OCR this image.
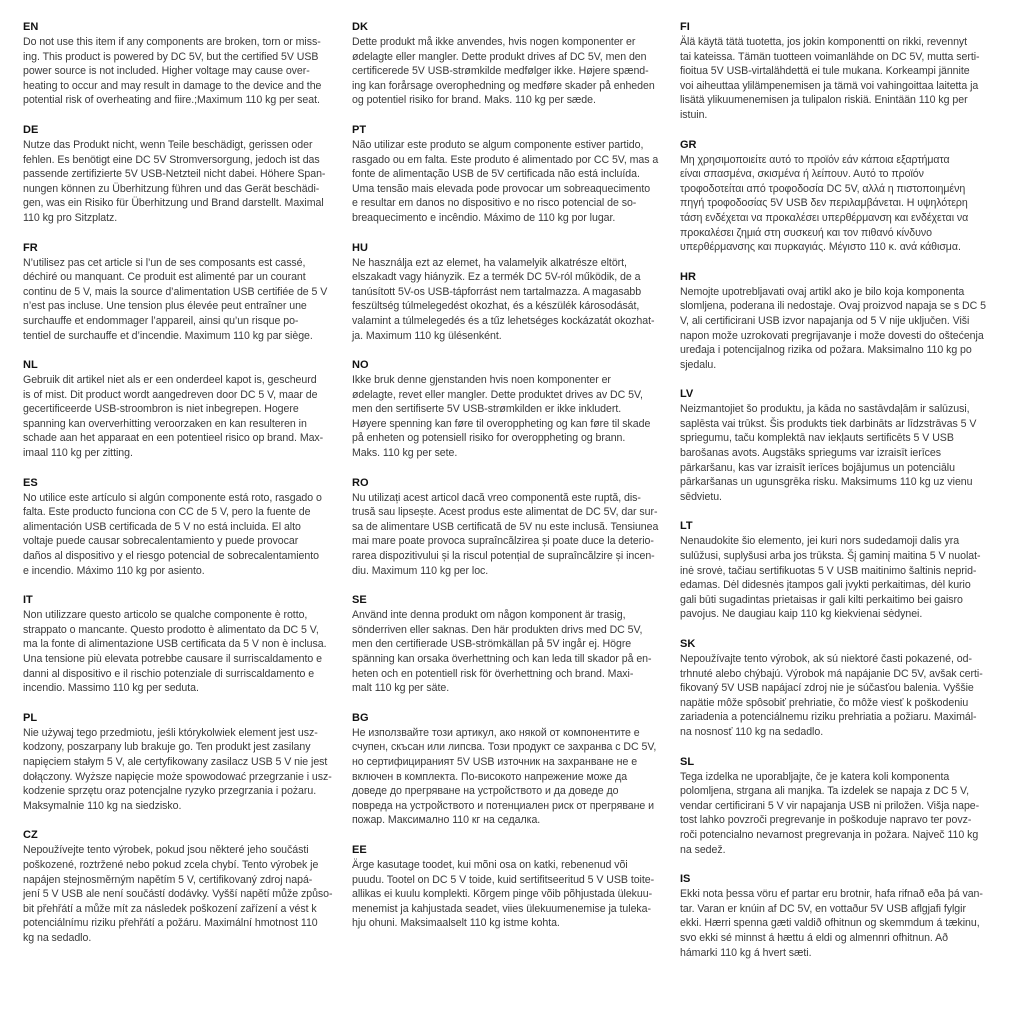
EN

Do not use this item if any components are broken, torn or miss-
ing. This product is powered by DC 5V, but the certified 5V USB
power source is not included. Higher voltage may cause over-
heating to occur and may result in damage to the device and the
potential risk of overheating and fiire.;Maximum 110 kg per seat.

DE

Nutze das Produkt nicht, wenn Teile beschädigt, gerissen oder
fehlen. Es benötigt eine DC 5V Stromversorgung, jedoch ist das
passende zertifizierte 5V USB-Netzteil nicht dabei. Höhere Span-
nungen können zu Überhitzung führen und das Gerät beschädi-
gen, was ein Risiko für Überhitzung und Brand darstellt. Maximal
110 kg pro Sitzplatz.

FR

N’utilisez pas cet article si l’un de ses composants est cassé,
déchiré ou manquant. Ce produit est alimenté par un courant
continu de 5 V, mais la source d’alimentation USB certifiée de 5 V
n’est pas incluse. Une tension plus élevée peut entraîner une
surchauffe et endommager l’appareil, ainsi qu’un risque po-
tentiel de surchauffe et d’incendie. Maximum 110 kg par siège.

NL

Gebruik dit artikel niet als er een onderdeel kapot is, gescheurd
is of mist. Dit product wordt aangedreven door DC 5 V, maar de
gecertificeerde USB-stroombron is niet inbegrepen. Hogere
spanning kan oververhitting veroorzaken en kan resulteren in
schade aan het apparaat en een potentieel risico op brand. Max-
imaal 110 kg per zitting.

ES

No utilice este artículo si algún componente está roto, rasgado o
falta. Este producto funciona con CC de 5 V, pero la fuente de
alimentación USB certificada de 5 V no está incluida. El alto
voltaje puede causar sobrecalentamiento y puede provocar
daños al dispositivo y el riesgo potencial de sobrecalentamiento
e incendio. Máximo 110 kg por asiento.

IT

Non utilizzare questo articolo se qualche componente è rotto,
strappato o mancante. Questo prodotto è alimentato da DC 5 V,
ma la fonte di alimentazione USB certificata da 5 V non è inclusa.
Una tensione più elevata potrebbe causare il surriscaldamento e
danni al dispositivo e il rischio potenziale di surriscaldamento e
incendio. Massimo 110 kg per seduta.

PL

Nie używaj tego przedmiotu, jeśli którykolwiek element jest usz-
kodzony, poszarpany lub brakuje go. Ten produkt jest zasilany
napięciem stałym 5 V, ale certyfikowany zasilacz USB 5 V nie jest
dołączony. Wyższe napięcie może spowodować przegrzanie i usz-
kodzenie sprzętu oraz potencjalne ryzyko przegrzania i pożaru.
Maksymalnie 110 kg na siedzisko.

CZ

Nepoužívejte tento výrobek, pokud jsou některé jeho součásti
poškozené, roztržené nebo pokud zcela chybí. Tento výrobek je
napájen stejnosměrným napětím 5 V, certifikovaný zdroj napá-
jení 5 V USB ale není součástí dodávky. Vyšší napětí může způso-
bit přehřátí a může mít za následek poškození zařízení a vést k
potenciálnímu riziku přehřátí a požáru. Maximální hmotnost 110
kg na sedadlo.

DK

Dette produkt må ikke anvendes, hvis nogen komponenter er
ødelagte eller mangler. Dette produkt drives af DC 5V, men den
certificerede 5V USB-strømkilde medfølger ikke. Højere spænd-
ing kan forårsage overophedning og medføre skader på enheden
og potentiel risiko for brand. Maks. 110 kg per sæde.

PT

Não utilizar este produto se algum componente estiver partido,
rasgado ou em falta. Este produto é alimentado por CC 5V, mas a
fonte de alimentação USB de 5V certificada não está incluída.
Uma tensão mais elevada pode provocar um sobreaquecimento
e resultar em danos no dispositivo e no risco potencial de so-
breaquecimento e incêndio. Máximo de 110 kg por lugar.

HU

Ne használja ezt az elemet, ha valamelyik alkatrésze eltört,
elszakadt vagy hiányzik. Ez a termék DC 5V-ról működik, de a
tanúsított 5V-os USB-tápforrást nem tartalmazza. A magasabb
feszültség túlmelegedést okozhat, és a készülék károsodását,
valamint a túlmelegedés és a tűz lehetséges kockázatát okozhat-
ja. Maximum 110 kg ülésenként.

NO

Ikke bruk denne gjenstanden hvis noen komponenter er
ødelagte, revet eller mangler. Dette produktet drives av DC 5V,
men den sertifiserte 5V USB-strømkilden er ikke inkludert.
Høyere spenning kan føre til overoppheting og kan føre til skade
på enheten og potensiell risiko for overoppheting og brann.
Maks. 110 kg per sete.

RO

Nu utilizați acest articol dacă vreo componentă este ruptă, dis-
trusă sau lipsește. Acest produs este alimentat de DC 5V, dar sur-
sa de alimentare USB certificată de 5V nu este inclusă. Tensiunea
mai mare poate provoca supraîncălzirea și poate duce la deterio-
rarea dispozitivului și la riscul potențial de supraîncălzire și incen-
diu. Maximum 110 kg per loc.

SE

Använd inte denna produkt om någon komponent är trasig,
sönderriven eller saknas. Den här produkten drivs med DC 5V,
men den certifierade USB-strömkällan på 5V ingår ej. Högre
spänning kan orsaka överhettning och kan leda till skador på en-
heten och en potentiell risk för överhettning och brand. Maxi-
malt 110 kg per säte.

BG

Не използвайте този артикул, ако някой от компонентите е
счупен, скъсан или липсва. Този продукт се захранва с DC 5V,
но сертифицираният 5V USB източник на захранване не е
включен в комплекта. По-високото напрежение може да
доведе до прегряване на устройството и да доведе до
повреда на устройството и потенциален риск от прегряване и
пожар. Максимално 110 кг на седалка.

EE

Ärge kasutage toodet, kui mõni osa on katki, rebenenud või
puudu. Tootel on DC 5 V toide, kuid sertifitseeritud 5 V USB toite-
allikas ei kuulu komplekti. Kõrgem pinge võib põhjustada ülekuu-
menemist ja kahjustada seadet, viies ülekuumenemise ja tuleka-
hju ohuni. Maksimaalselt 110 kg istme kohta.

FI

Älä käytä tätä tuotetta, jos jokin komponentti on rikki, revennyt
tai kateissa. Tämän tuotteen voimanlähde on DC 5V, mutta serti-
fioitua 5V USB-virtalähdettä ei tule mukana. Korkeampi jännite
voi aiheuttaa ylilämpenemisen ja tämä voi vahingoittaa laitetta ja
lisätä ylikuumenemisen ja tulipalon riskiä. Enintään 110 kg per
istuin.

GR

Μη χρησιμοποιείτε αυτό το προϊόν εάν κάποια εξαρτήματα
είναι σπασμένα, σκισμένα ή λείπουν. Αυτό το προϊόν
τροφοδοτείται από τροφοδοσία DC 5V, αλλά η πιστοποιημένη
πηγή τροφοδοσίας 5V USB δεν περιλαμβάνεται. Η υψηλότερη
τάση ενδέχεται να προκαλέσει υπερθέρμανση και ενδέχεται να
προκαλέσει ζημιά στη συσκευή και τον πιθανό κίνδυνο
υπερθέρμανσης και πυρκαγιάς. Μέγιστο 110 κ. ανά κάθισμα.

HR

Nemojte upotrebljavati ovaj artikl ako je bilo koja komponenta
slomljena, poderana ili nedostaje. Ovaj proizvod napaja se s DC 5
V, ali certificirani USB izvor napajanja od 5 V nije uključen. Viši
napon može uzrokovati pregrijavanje i može dovesti do oštećenja
uređaja i potencijalnog rizika od požara. Maksimalno 110 kg po
sjedalu.

LV

Neizmantojiet šo produktu, ja kāda no sastāvdaļām ir salūzusi,
saplēsta vai trūkst. Šis produkts tiek darbināts ar līdzstrāvas 5 V
spriegumu, taču komplektā nav iekļauts sertificēts 5 V USB
barošanas avots. Augstāks spriegums var izraisīt ierīces
pārkaršanu, kas var izraisīt ierīces bojājumus un potenciālu
pārkaršanas un ugunsgrēka risku. Maksimums 110 kg uz vienu
sēdvietu.

LT

Nenaudokite šio elemento, jei kuri nors sudedamoji dalis yra
sulūžusi, suplyšusi arba jos trūksta. Šį gaminį maitina 5 V nuolat-
inė srovė, tačiau sertifikuotas 5 V USB maitinimo šaltinis neprid-
edamas. Dėl didesnės įtampos gali įvykti perkaitimas, dėl kurio
gali būti sugadintas prietaisas ir gali kilti perkaitimo bei gaisro
pavojus. Ne daugiau kaip 110 kg kiekvienai sėdynei.

SK

Nepoužívajte tento výrobok, ak sú niektoré časti pokazené, od-
trhnuté alebo chýbajú. Výrobok má napájanie DC 5V, avšak certi-
fikovaný 5V USB napájací zdroj nie je súčasťou balenia. Vyššie
napätie môže spôsobiť prehriatie, čo môže viesť k poškodeniu
zariadenia a potenciálnemu riziku prehriatia a požiaru. Maximál-
na nosnosť 110 kg na sedadlo.

SL

Tega izdelka ne uporabljajte, če je katera koli komponenta
polomljena, strgana ali manjka. Ta izdelek se napaja z DC 5 V,
vendar certificirani 5 V vir napajanja USB ni priložen. Višja nape-
tost lahko povzroči pregrevanje in poškoduje napravo ter povz-
roči potencialno nevarnost pregrevanja in požara. Največ 110 kg
na sedež.

IS

Ekki nota þessa vöru ef partar eru brotnir, hafa rifnað eða þá van-
tar. Varan er knúin af DC 5V, en vottaður 5V USB aflgjafi fylgir
ekki. Hærri spenna gæti valdið ofhitnun og skemmdum á tækinu,
svo ekki sé minnst á hættu á eldi og almennri ofhitnun. Að
hámarki 110 kg á hvert sæti.
